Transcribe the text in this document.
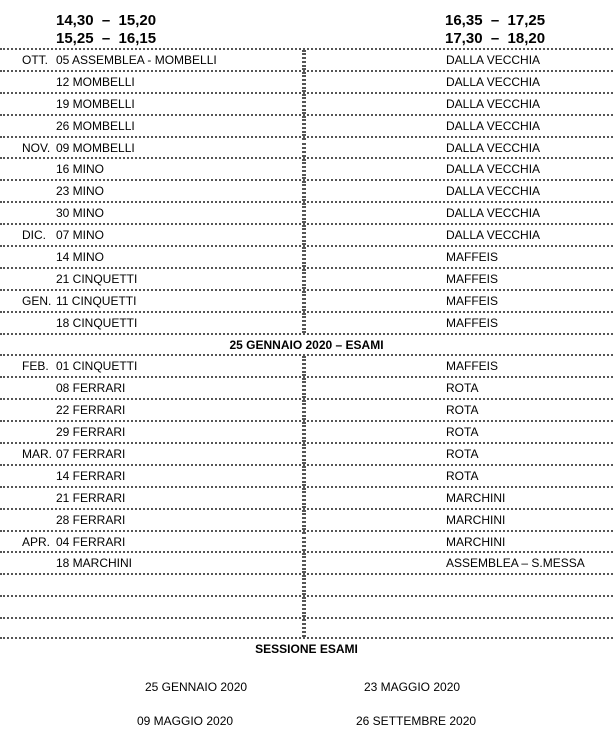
14,30  –  15,20
15,25  –  16,15
16,35  –  17,25
17,30  –  18,20
OTT. 05 ASSEMBLEA - MOMBELLI	DALLA VECCHIA
12 MOMBELLI	DALLA VECCHIA
19 MOMBELLI	DALLA VECCHIA
26 MOMBELLI	DALLA VECCHIA
NOV. 09 MOMBELLI	DALLA VECCHIA
16 MINO	DALLA VECCHIA
23 MINO	DALLA VECCHIA
30 MINO	DALLA VECCHIA
DIC. 07 MINO	DALLA VECCHIA
14 MINO	MAFFEIS
21 CINQUETTI	MAFFEIS
GEN. 11 CINQUETTI	MAFFEIS
18 CINQUETTI	MAFFEIS
25 GENNAIO 2020 – ESAMI
FEB. 01 CINQUETTI	MAFFEIS
08 FERRARI	ROTA
22 FERRARI	ROTA
29 FERRARI	ROTA
MAR. 07 FERRARI	ROTA
14 FERRARI	ROTA
21 FERRARI	MARCHINI
28 FERRARI	MARCHINI
APR. 04 FERRARI	MARCHINI
18 MARCHINI	ASSEMBLEA – S.MESSA
SESSIONE ESAMI
25 GENNAIO 2020	23 MAGGIO 2020
09 MAGGIO 2020	26 SETTEMBRE 2020
